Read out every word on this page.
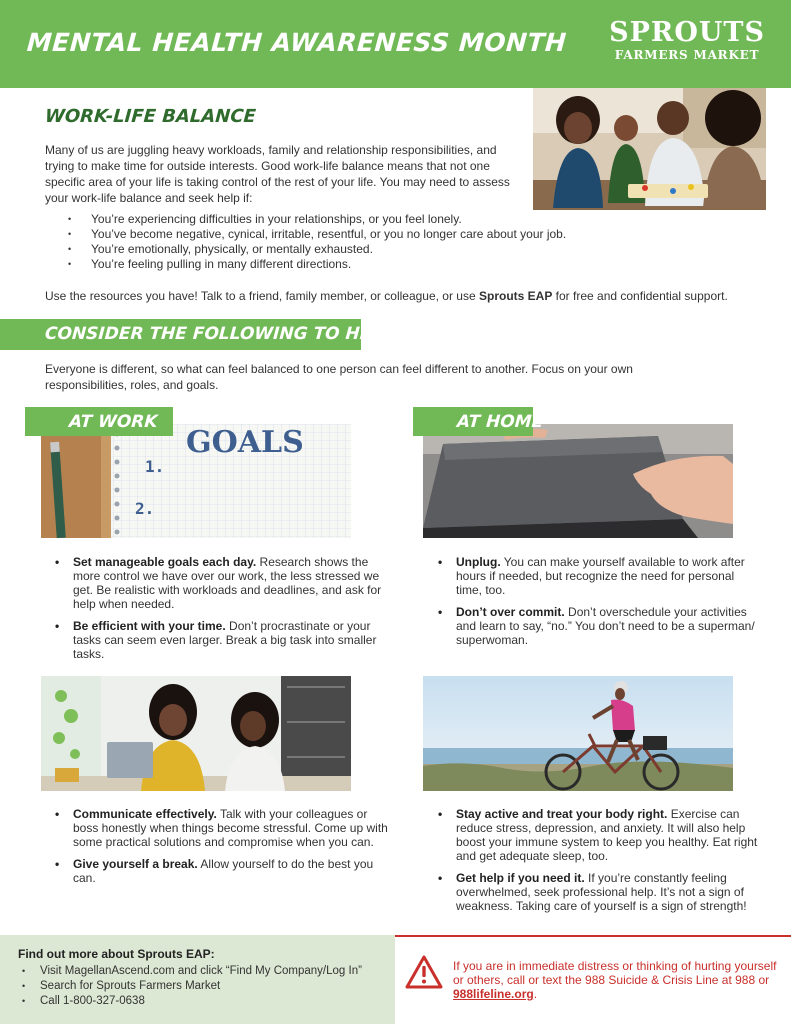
MENTAL HEALTH AWARENESS MONTH SPROUTS
FARMERS MARKET
WORK-LIFE BALANCE
Many of us are juggling heavy workloads, family and relationship responsibilities, and trying to make time for outside interests. Good work-life balance means that not one specific area of your life is taking control of the rest of your life. You may need to assess your work-life balance and seek help if:
• You’re experiencing difficulties in your relationships, or you feel lonely.
• You’ve become negative, cynical, irritable, resentful, or you no longer care about your job.
• You’re emotionally, physically, or mentally exhausted.
• You’re feeling pulling in many different directions.
Use the resources you have! Talk to a friend, family member, or colleague, or use Sprouts EAP for free and confidential support.
CONSIDER THE FOLLOWING TO HELP
Everyone is different, so what can feel balanced to one person can feel different to another. Focus on your own responsibilities, roles, and goals.
AT WORK
GOALS
1.
2.
• Set manageable goals each day. Research shows the more control we have over our work, the less stressed we get. Be realistic with workloads and deadlines, and ask for help when needed.
• Be efficient with your time. Don’t procrastinate or your tasks can seem even larger. Break a big task into smaller tasks.
• Communicate effectively. Talk with your colleagues or boss honestly when things become stressful. Come up with some practical solutions and compromise when you can.
• Give yourself a break. Allow yourself to do the best you can.
AT HOME
• Unplug. You can make yourself available to work after hours if needed, but recognize the need for personal time, too.
• Don’t over commit. Don’t overschedule your activities and learn to say, “no.” You don’t need to be a superman/ superwoman.
• Stay active and treat your body right. Exercise can reduce stress, depression, and anxiety. It will also help boost your immune system to keep you healthy. Eat right and get adequate sleep, too.
• Get help if you need it. If you’re constantly feeling overwhelmed, seek professional help. It’s not a sign of weakness. Taking care of yourself is a sign of strength!
Find out more about Sprouts EAP:
• Visit MagellanAscend.com and click “Find My Company/Log In”
• Search for Sprouts Farmers Market
• Call 1-800-327-0638
If you are in immediate distress or thinking of hurting yourself or others, call or text the 988 Suicide & Crisis Line at 988 or 988lifeline.org.
